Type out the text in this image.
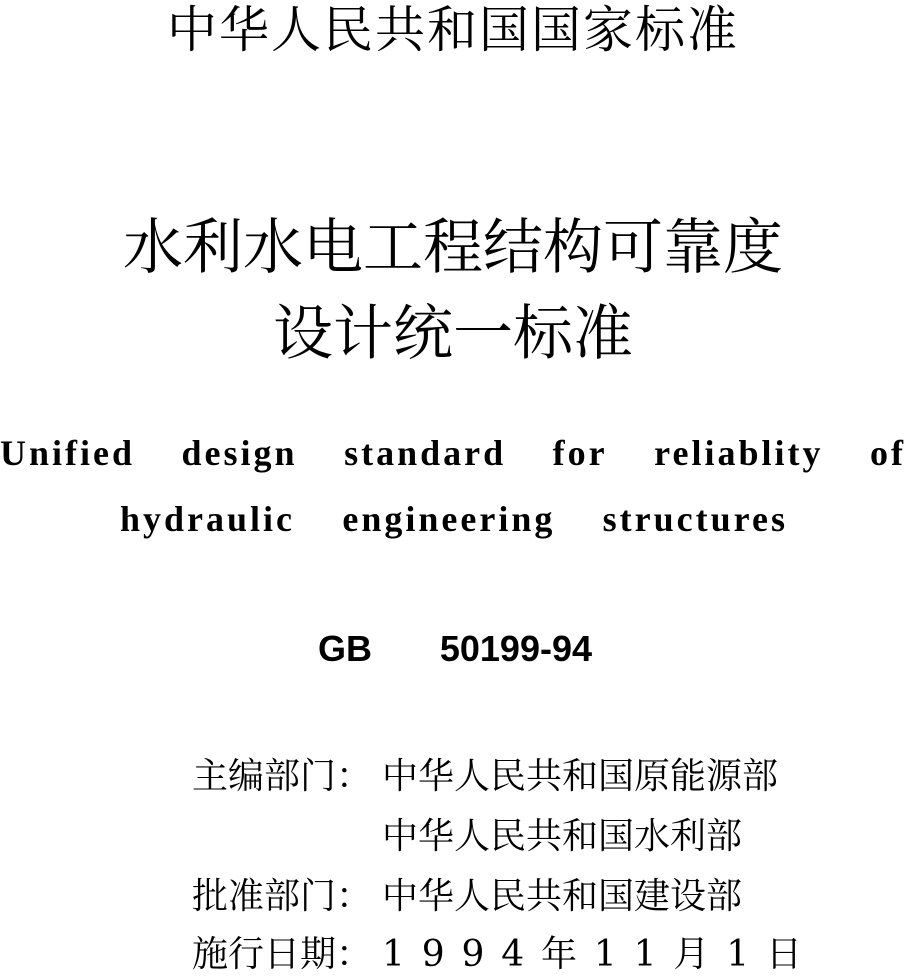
中华人民共和国国家标准
水利水电工程结构可靠度
设计统一标准
Unified design standard for reliablity of
hydraulic engineering structures
GB 50199-94
主编部门： 中华人民共和国原能源部
中华人民共和国水利部
批准部门： 中华人民共和国建设部
施行日期： 1 9 9 4 年 1 1 月 1 日
